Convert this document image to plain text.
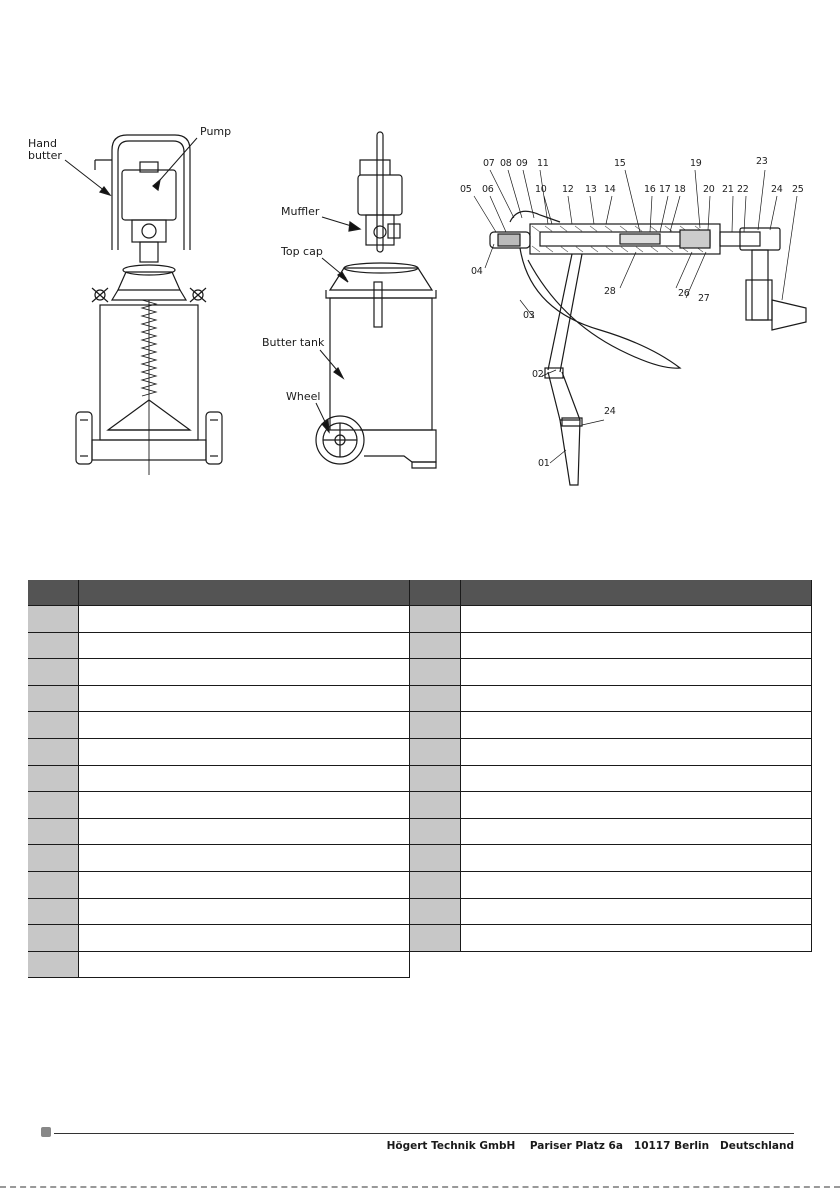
Hand
butter
Pump
Muffler
Top cap
Butter tank
Wheel
01
02
03
04
05 06
07 08 09
10
11
12 13 14
15
16 17 18
19
20 21 22
23
24 25
24
26 27
28

Högert Technik GmbH Pariser Platz 6a 10117 Berlin Deutschland
